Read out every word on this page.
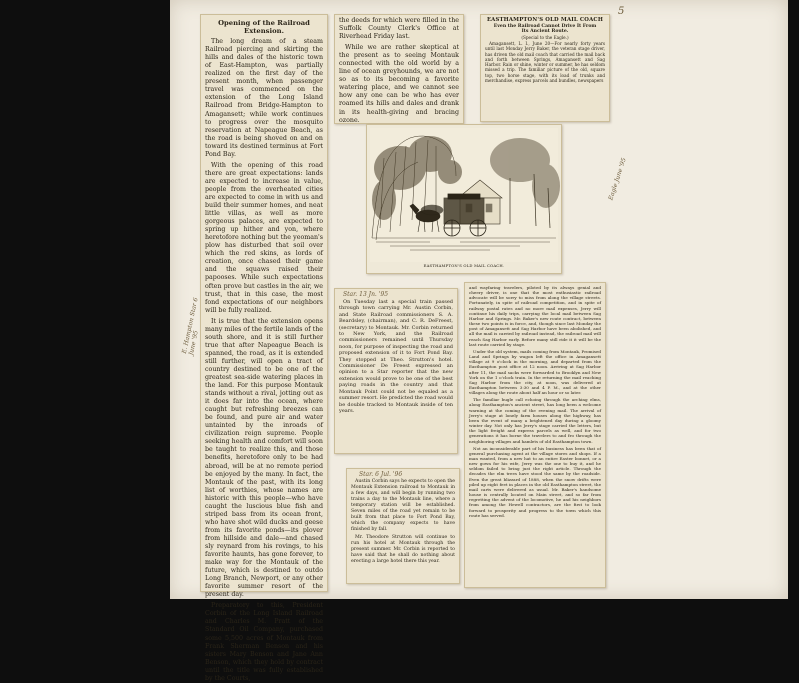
Opening of the Railroad Extension.

The long dream of a steam Railroad piercing and skirting the hills and dales of the historic town of East-Hampton, was partially realized on the first day of the present month, when passenger travel was commenced on the extension of the Long Island Railroad from Bridge-Hampton to Amagansett; while work continues to progress over the mosquito reservation at Napeague Beach, as the road is being shoved on and on toward its destined terminus at Fort Pond Bay.

With the opening of this road there are great expectations: lands are expected to increase in value, people from the overheated cities are expected to come in with us and build their summer homes, and neat little villas, as well as more gorgeous palaces, are expected to spring up hither and yon, where heretofore nothing but the yeoman's plow has disturbed that soil over which the red skins, as lords of creation, once chased their game and the squaws raised their papooses. While such expectations often prove but castles in the air, we trust, that in this case, the most fond expectations of our neighbors will be fully realized.

It is true that the extension opens many miles of the fertile lands of the south shore, and it is still further true that after Napeague Beach is spanned, the road, as it is extended still further, will open a tract of country destined to be one of the greatest sea-side watering places in the land. For this purpose Montauk stands without a rival, jotting out as it does far into the ocean, where caught but refreshing breezes can be found, and pure air and water untainted by the inroads of civilization reign supreme. People seeking health and comfort will soon be taught to realize this, and those benefits, heretofore only to be had abroad, will be at no remote period be enjoyed by the many. In fact, the Montauk of the past, with its long list of worthies, whose names are historic with this people—who have caught the luscious blue fish and striped bass from its ocean front, who have shot wild ducks and geese from its favorite ponds—its plover from hillside and dale—and chased sly reynard from his rovings, to his favorite haunts, has gone forever, to make way for the Montauk of the future, which is destined to outdo Long Branch, Newport, or any other favorite summer resort of the present day.

Preparatory to this, President Corbin of the Long Island Railroad and Charles M. Pratt of the Standard Oil Company, purchased some 5,500 acres of Montauk from Frank Sherman Benson and his sisters Mary Benson and Jane Ann Benson, which they hold by contract until the title was fully established by the Courts,

the deeds for which were filled in the Suffolk County Clerk's Office at Riverhead Friday last.

While we are rather skeptical at the present as to seeing Montauk connected with the old world by a line of ocean greyhounds, we are not so as to its becoming a favorite watering place, and we cannot see how any one can be who has ever roamed its hills and dales and drank in its health-giving and bracing ozone.

EASTHAMPTON'S OLD MAIL COACH
Even the Railroad Cannot Drive It From Its Ancient Route.
(Special to the Eagle.)

Amagansett, L. I., June 20—For nearly forty years until last Monday Jerry Baker, the veteran stage driver, has driven the old mail coach that carried the mail back and forth between Springs, Amagansett and Sag Harbor. Rain or shine, winter or summer, he has seldom missed a trip. The familiar picture of the old, square top, two horse stage, with its load of trunks and merchandise, express parcels and bundles, newspapers

EASTHAMPTON'S OLD MAIL COACH.
Star. 13 Jn. '95

On Tuesday last a special train passed through town carrying Mr. Austin Corbin, and State Railroad commissioners S. A. Beardsley, (chairman), and C. R. DeFreest, (secretary) to Montauk. Mr. Corbin returned to New York, and the Railroad commissioners remained until Thursday noon, for purpose of inspecting the road and proposed extension of it to Fort Pond Bay. They stopped at Theo. Strutton's hotel. Commissioner De Freest expressed an opinion to a Star reporter that the new extension would prove to be one of the best paying roads in the country and that Montauk Point could not be equaled as a summer resort. He predicted the road would be double tracked to Montauk inside of ten years.

Star. 6 Jul. '96

Austin Corbin says he expects to open the Montauk Extension railroad to Montauk in a few days, and will begin by running two trains a day to the Montauk line, where a temporary station will be established. Seven miles of the road yet remain to be built from that place to Fort Pond Bay, which the company expects to have finished by fall.

Mr. Theodore Strutton will continue to run his hotel at Montauk through the present summer. Mr. Corbin is reported to have said that he shall do nothing about erecting a large hotel there this year.

and wayfaring travelers, piloted by its always genial and cheery driver, is one that the most enthusiastic railroad advocate will be sorry to miss from along the village streets. Fortunately, in spite of railroad competition, and in spite of railway postal rates and no more mail expenses, Jerry will continue his daily trips, carrying the local mail between Sag Harbor and Springs. Mr. Baker's new route contract, between these two points is in force, and, though since last Monday the post of Amagansett and Sag Harbor have been abolished, and all the mail is carried by railroad instead, the railroad mail will reach Sag Harbor early. Before many still ride it it will be the last route carried by stage.

Under the old system, mails coming from Montauk, Promised Land and Springs by wagon left the office in Amagansett village at 9 o'clock in the morning, and departed from the Easthampton post office at 12 noon. Arriving at Sag Harbor after 11, the mail sacks were forwarded to Brooklyn and New York on the 1 o'clock train. In the returning the mail reaching Sag Harbor from the city, at noon, was delivered at Easthampton between 3:30 and 4 P. M., and at the other villages along the route about half an hour or so later.

The familiar bugle call echoing through the arching elms, along Easthampton's ancient street, has long been a welcome warning at the coming of the evening mail. The arrival of Jerry's stage at lonely farm houses along the highway, has been the event of many a brightened day during a gloomy winter day. Not only has Jerry's stage carried the letters, but the light freight and express parcels as well, and for two generations it has borne the travelers to and fro through the neighboring villages and hamlets of old Easthampton town.

Not an inconsiderable part of his business has been that of general purchasing agent at the village stores and shops. If a man wanted, from a new hat to an entire Easter bonnet, or a new gown for his wife, Jerry was the one to buy it, and he seldom failed to bring just the right article. Through the decades the elm trees have stood the same by the roadside. Even the great blizzard of 1888, when the snow drifts were piled up eight feet in places in the old Easthampton street, the mail carts were delivered as usual. Mr. Baker's handsome house is centrally located on Main street, and so far from regretting the advent of the locomotive, he and his neighbors from among the Hewell contractors, are the first to look forward to prosperity and progress to the town which this route has served.

E. Hampton Star 6 June '95
5
Eagle June '95
